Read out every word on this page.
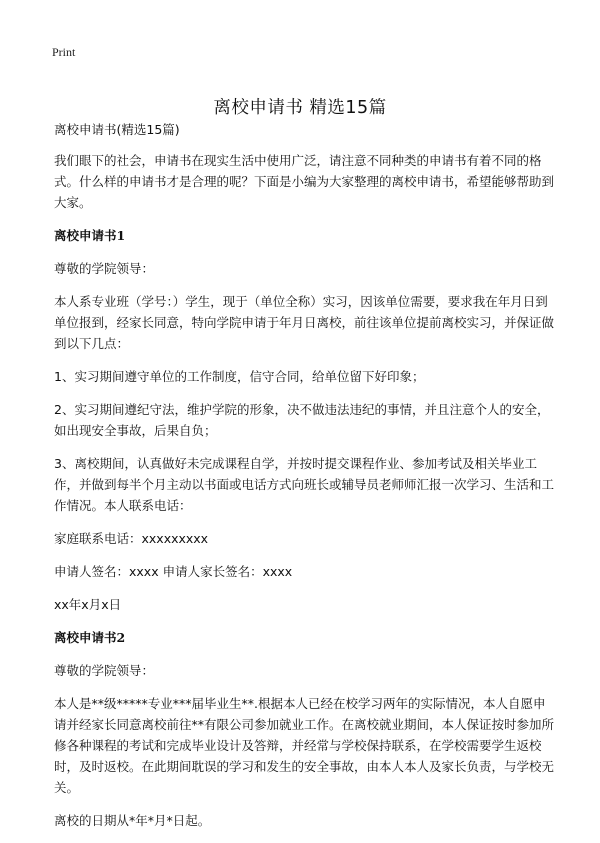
Print
离校申请书 精选15篇

离校申请书(精选15篇)

我们眼下的社会，申请书在现实生活中使用广泛，请注意不同种类的申请书有着不同的格式。什么样的申请书才是合理的呢？下面是小编为大家整理的离校申请书，希望能够帮助到大家。

离校申请书1

尊敬的学院领导：

本人系专业班（学号：）学生，现于（单位全称）实习，因该单位需要，要求我在年月日到单位报到，经家长同意，特向学院申请于年月日离校，前往该单位提前离校实习，并保证做到以下几点：

1、实习期间遵守单位的工作制度，信守合同，给单位留下好印象；

2、实习期间遵纪守法，维护学院的形象，决不做违法违纪的事情，并且注意个人的安全，如出现安全事故，后果自负；

3、离校期间，认真做好未完成课程自学，并按时提交课程作业、参加考试及相关毕业工作，并做到每半个月主动以书面或电话方式向班长或辅导员老师师汇报一次学习、生活和工作情况。本人联系电话：

家庭联系电话：xxxxxxxxx

申请人签名：xxxx 申请人家长签名：xxxx

xx年x月x日

离校申请书2

尊敬的学院领导：

本人是**级*****专业***届毕业生**.根据本人已经在校学习两年的实际情况，本人自愿申请并经家长同意离校前往**有限公司参加就业工作。在离校就业期间，本人保证按时参加所修各种课程的考试和完成毕业设计及答辩，并经常与学校保持联系，在学校需要学生返校时，及时返校。在此期间耽误的学习和发生的安全事故，由本人本人及家长负责，与学校无关。

离校的日期从*年*月*日起。
